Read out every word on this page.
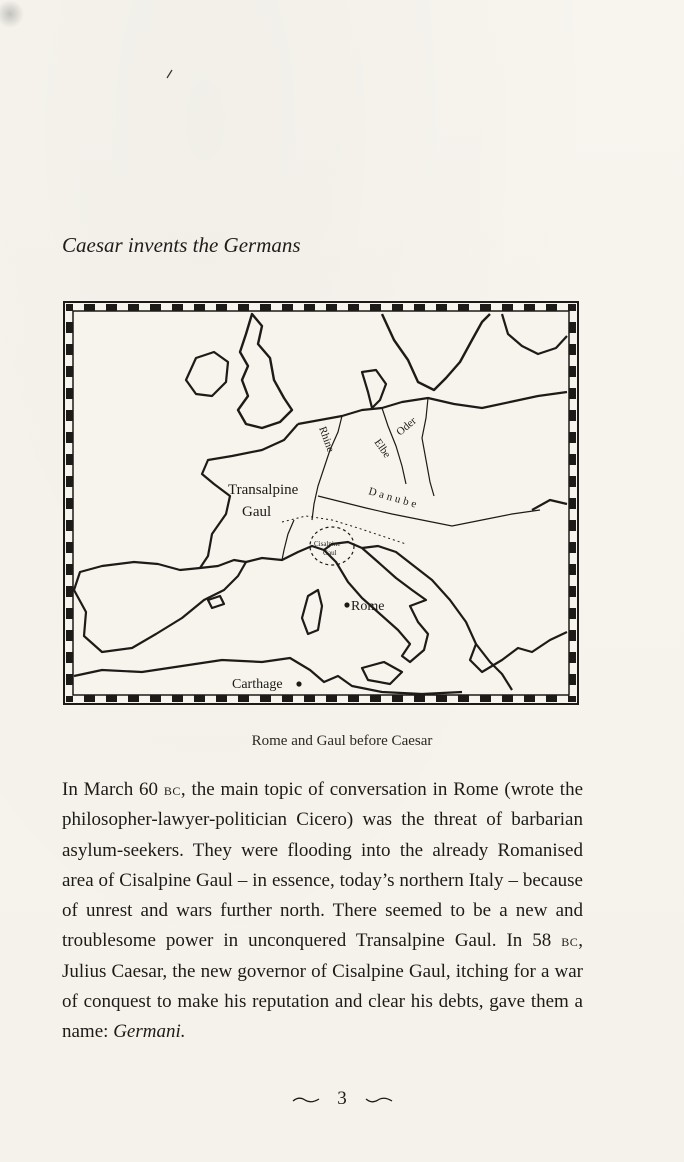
Caesar invents the Germans
Transalpine
Gaul
Cisalpine
Gaul
Rome
Carthage
Rhine	Elbe
Oder
Danube
Rome and Gaul before Caesar

In March 60 bc, the main topic of conversation in Rome (wrote the philosopher-lawyer-politician Cicero) was the threat of barbarian asylum-seekers. They were flooding into the already Romanised area of Cisalpine Gaul – in essence, today’s northern Italy – because of unrest and wars further north. There seemed to be a new and troublesome power in unconquered Transalpine Gaul. In 58 bc, Julius Caesar, the new governor of Cisalpine Gaul, itching for a war of conquest to make his reputation and clear his debts, gave them a name: Germani.

3
